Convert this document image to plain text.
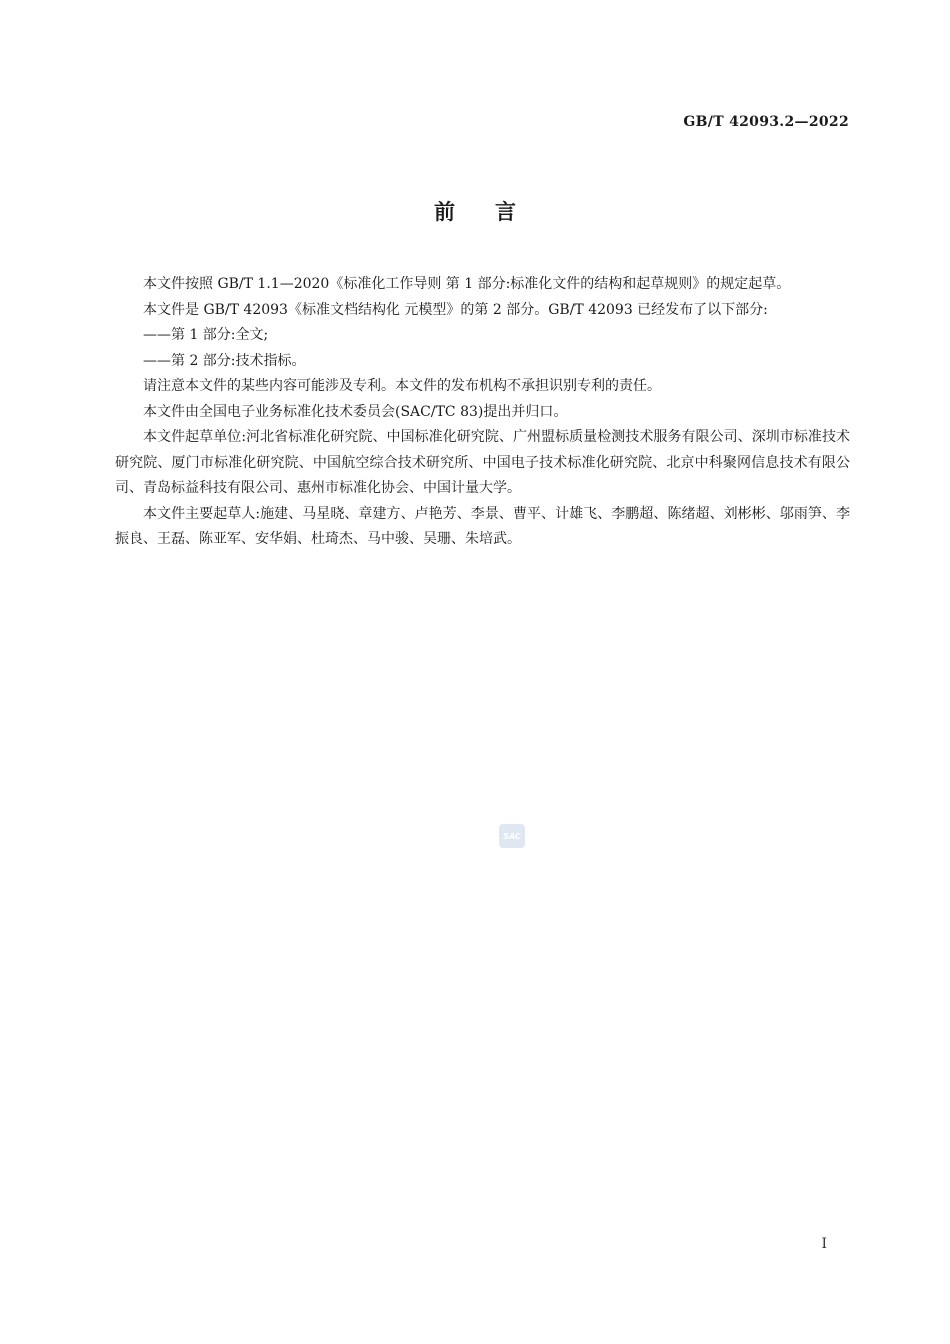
GB/T 42093.2—2022
前言

本文件按照 GB/T 1.1—2020《标准化工作导则 第 1 部分:标准化文件的结构和起草规则》的规定起草。

本文件是 GB/T 42093《标准文档结构化 元模型》的第 2 部分。GB/T 42093 已经发布了以下部分:

——第 1 部分:全文;

——第 2 部分:技术指标。

请注意本文件的某些内容可能涉及专利。本文件的发布机构不承担识别专利的责任。

本文件由全国电子业务标准化技术委员会(SAC/TC 83)提出并归口。

本文件起草单位:河北省标准化研究院、中国标准化研究院、广州盟标质量检测技术服务有限公司、深圳市标准技术研究院、厦门市标准化研究院、中国航空综合技术研究所、中国电子技术标准化研究院、北京中科聚网信息技术有限公司、青岛标益科技有限公司、惠州市标准化协会、中国计量大学。

本文件主要起草人:施建、马星晓、章建方、卢艳芳、李景、曹平、计雄飞、李鹏超、陈绪超、刘彬彬、邬雨笋、李振良、王磊、陈亚军、安华娟、杜琦杰、马中骏、吴珊、朱培武。

SAC
I
